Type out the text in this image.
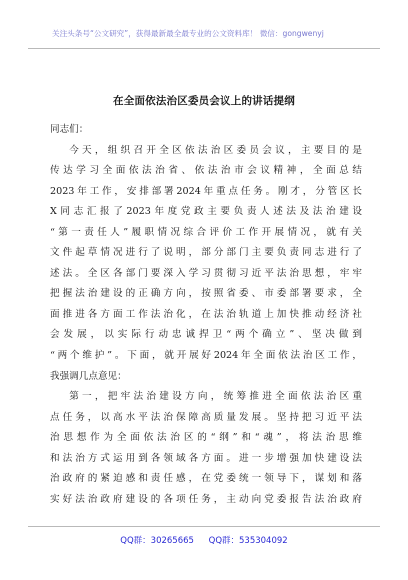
关注头条号“公文研究”，获得最新最全最专业的公文资料库！ 微信：gongwenyj
在全面依法治区委员会议上的讲话提纲

同志们：

今天，组织召开全区依法治区委员会议，主要目的是

传达学习全面依法治省、依法治市会议精神，全面总结

2023年工作，安排部署2024年重点任务。刚才，分管区长

X同志汇报了2023年度党政主要负责人述法及法治建设

“第一责任人”履职情况综合评价工作开展情况，就有关

文件起草情况进行了说明，部分部门主要负责同志进行了

述法。全区各部门要深入学习贯彻习近平法治思想，牢牢

把握法治建设的正确方向，按照省委、市委部署要求，全

面推进各方面工作法治化，在法治轨道上加快推动经济社

会发展，以实际行动忠诚捍卫“两个确立”、坚决做到

“两个维护”。下面，就开展好2024年全面依法治区工作，

我强调几点意见：

第一，把牢法治建设方向，统筹推进全面依法治区重

点任务，以高水平法治保障高质量发展。坚持把习近平法

治思想作为全面依法治区的“纲”和“魂”，将法治思维

和法治方式运用到各领域各方面。进一步增强加快建设法

治政府的紧迫感和责任感，在党委统一领导下，谋划和落

实好法治政府建设的各项任务，主动向党委报告法治政府

QQ群：30265665 QQ群：535304092
